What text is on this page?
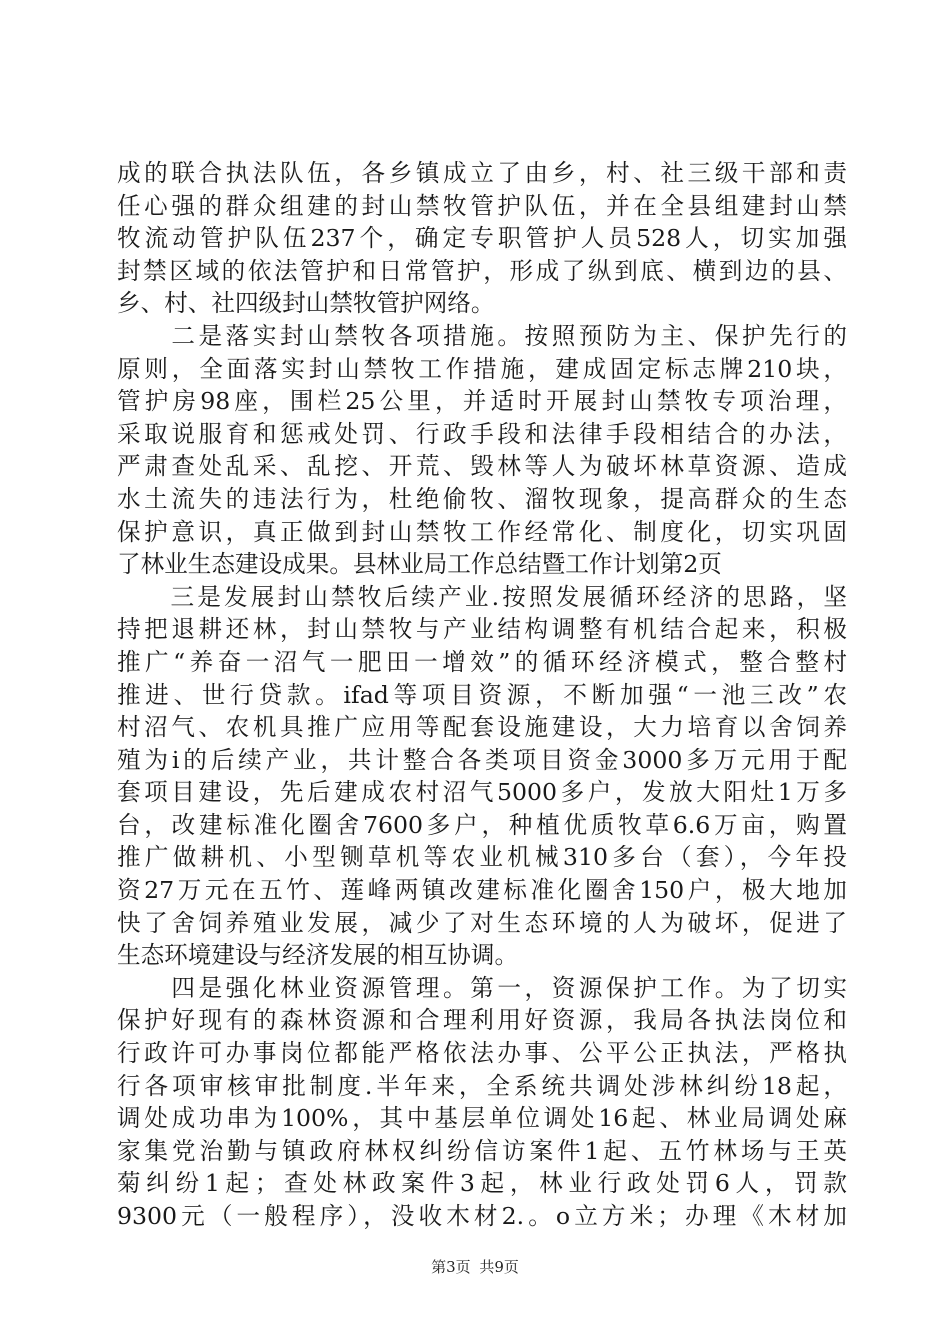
成的联合执法队伍，各乡镇成立了由乡，村、社三级干部和责
任心强的群众组建的封山禁牧管护队伍，并在全县组建封山禁
牧流动管护队伍237个，确定专职管护人员528人，切实加强
封禁区域的依法管护和日常管护，形成了纵到底、横到边的县、
乡、村、社四级封山禁牧管护网络。
　　二是落实封山禁牧各项措施。按照预防为主、保护先行的
原则，全面落实封山禁牧工作措施，建成固定标志牌210块，
管护房98座，围栏25公里，并适时开展封山禁牧专项治理，
采取说服育和惩戒处罚、行政手段和法律手段相结合的办法，
严肃查处乱采、乱挖、开荒、毁林等人为破坏林草资源、造成
水土流失的违法行为，杜绝偷牧、溜牧现象，提高群众的生态
保护意识，真正做到封山禁牧工作经常化、制度化，切实巩固
了林业生态建设成果。县林业局工作总结暨工作计划第2页
　　三是发展封山禁牧后续产业.按照发展循环经济的思路，坚
持把退耕还林，封山禁牧与产业结构调整有机结合起来，积极
推广“养奋一沼气一肥田一增效”的循环经济模式，整合整村
推进、世行贷款。ifad等项目资源，不断加强“一池三改”农
村沼气、农机具推广应用等配套设施建设，大力培育以舍饲养
殖为i的后续产业，共计整合各类项目资金3000多万元用于配
套项目建设，先后建成农村沼气5000多户，发放大阳灶1万多
台，改建标准化圈舍7600多户，种植优质牧草6.6万亩，购置
推广做耕机、小型铡草机等农业机械310多台（套），今年投
资27万元在五竹、莲峰两镇改建标准化圈舍150户，极大地加
快了舍饲养殖业发展，减少了对生态环境的人为破坏，促进了
生态环境建设与经济发展的相互协调。
　　四是强化林业资源管理。第一，资源保护工作。为了切实
保护好现有的森林资源和合理利用好资源，我局各执法岗位和
行政许可办事岗位都能严格依法办事、公平公正执法，严格执
行各项审核审批制度.半年来，全系统共调处涉林纠纷18起，
调处成功串为100%，其中基层单位调处16起、林业局调处麻
家集党治勤与镇政府林权纠纷信访案件1起、五竹林场与王英
菊纠纷1起；查处林政案件3起，林业行政处罚6人，罚款
9300元（一般程序），没收木材2.。o立方米；办理《木材加
第3页 共9页
